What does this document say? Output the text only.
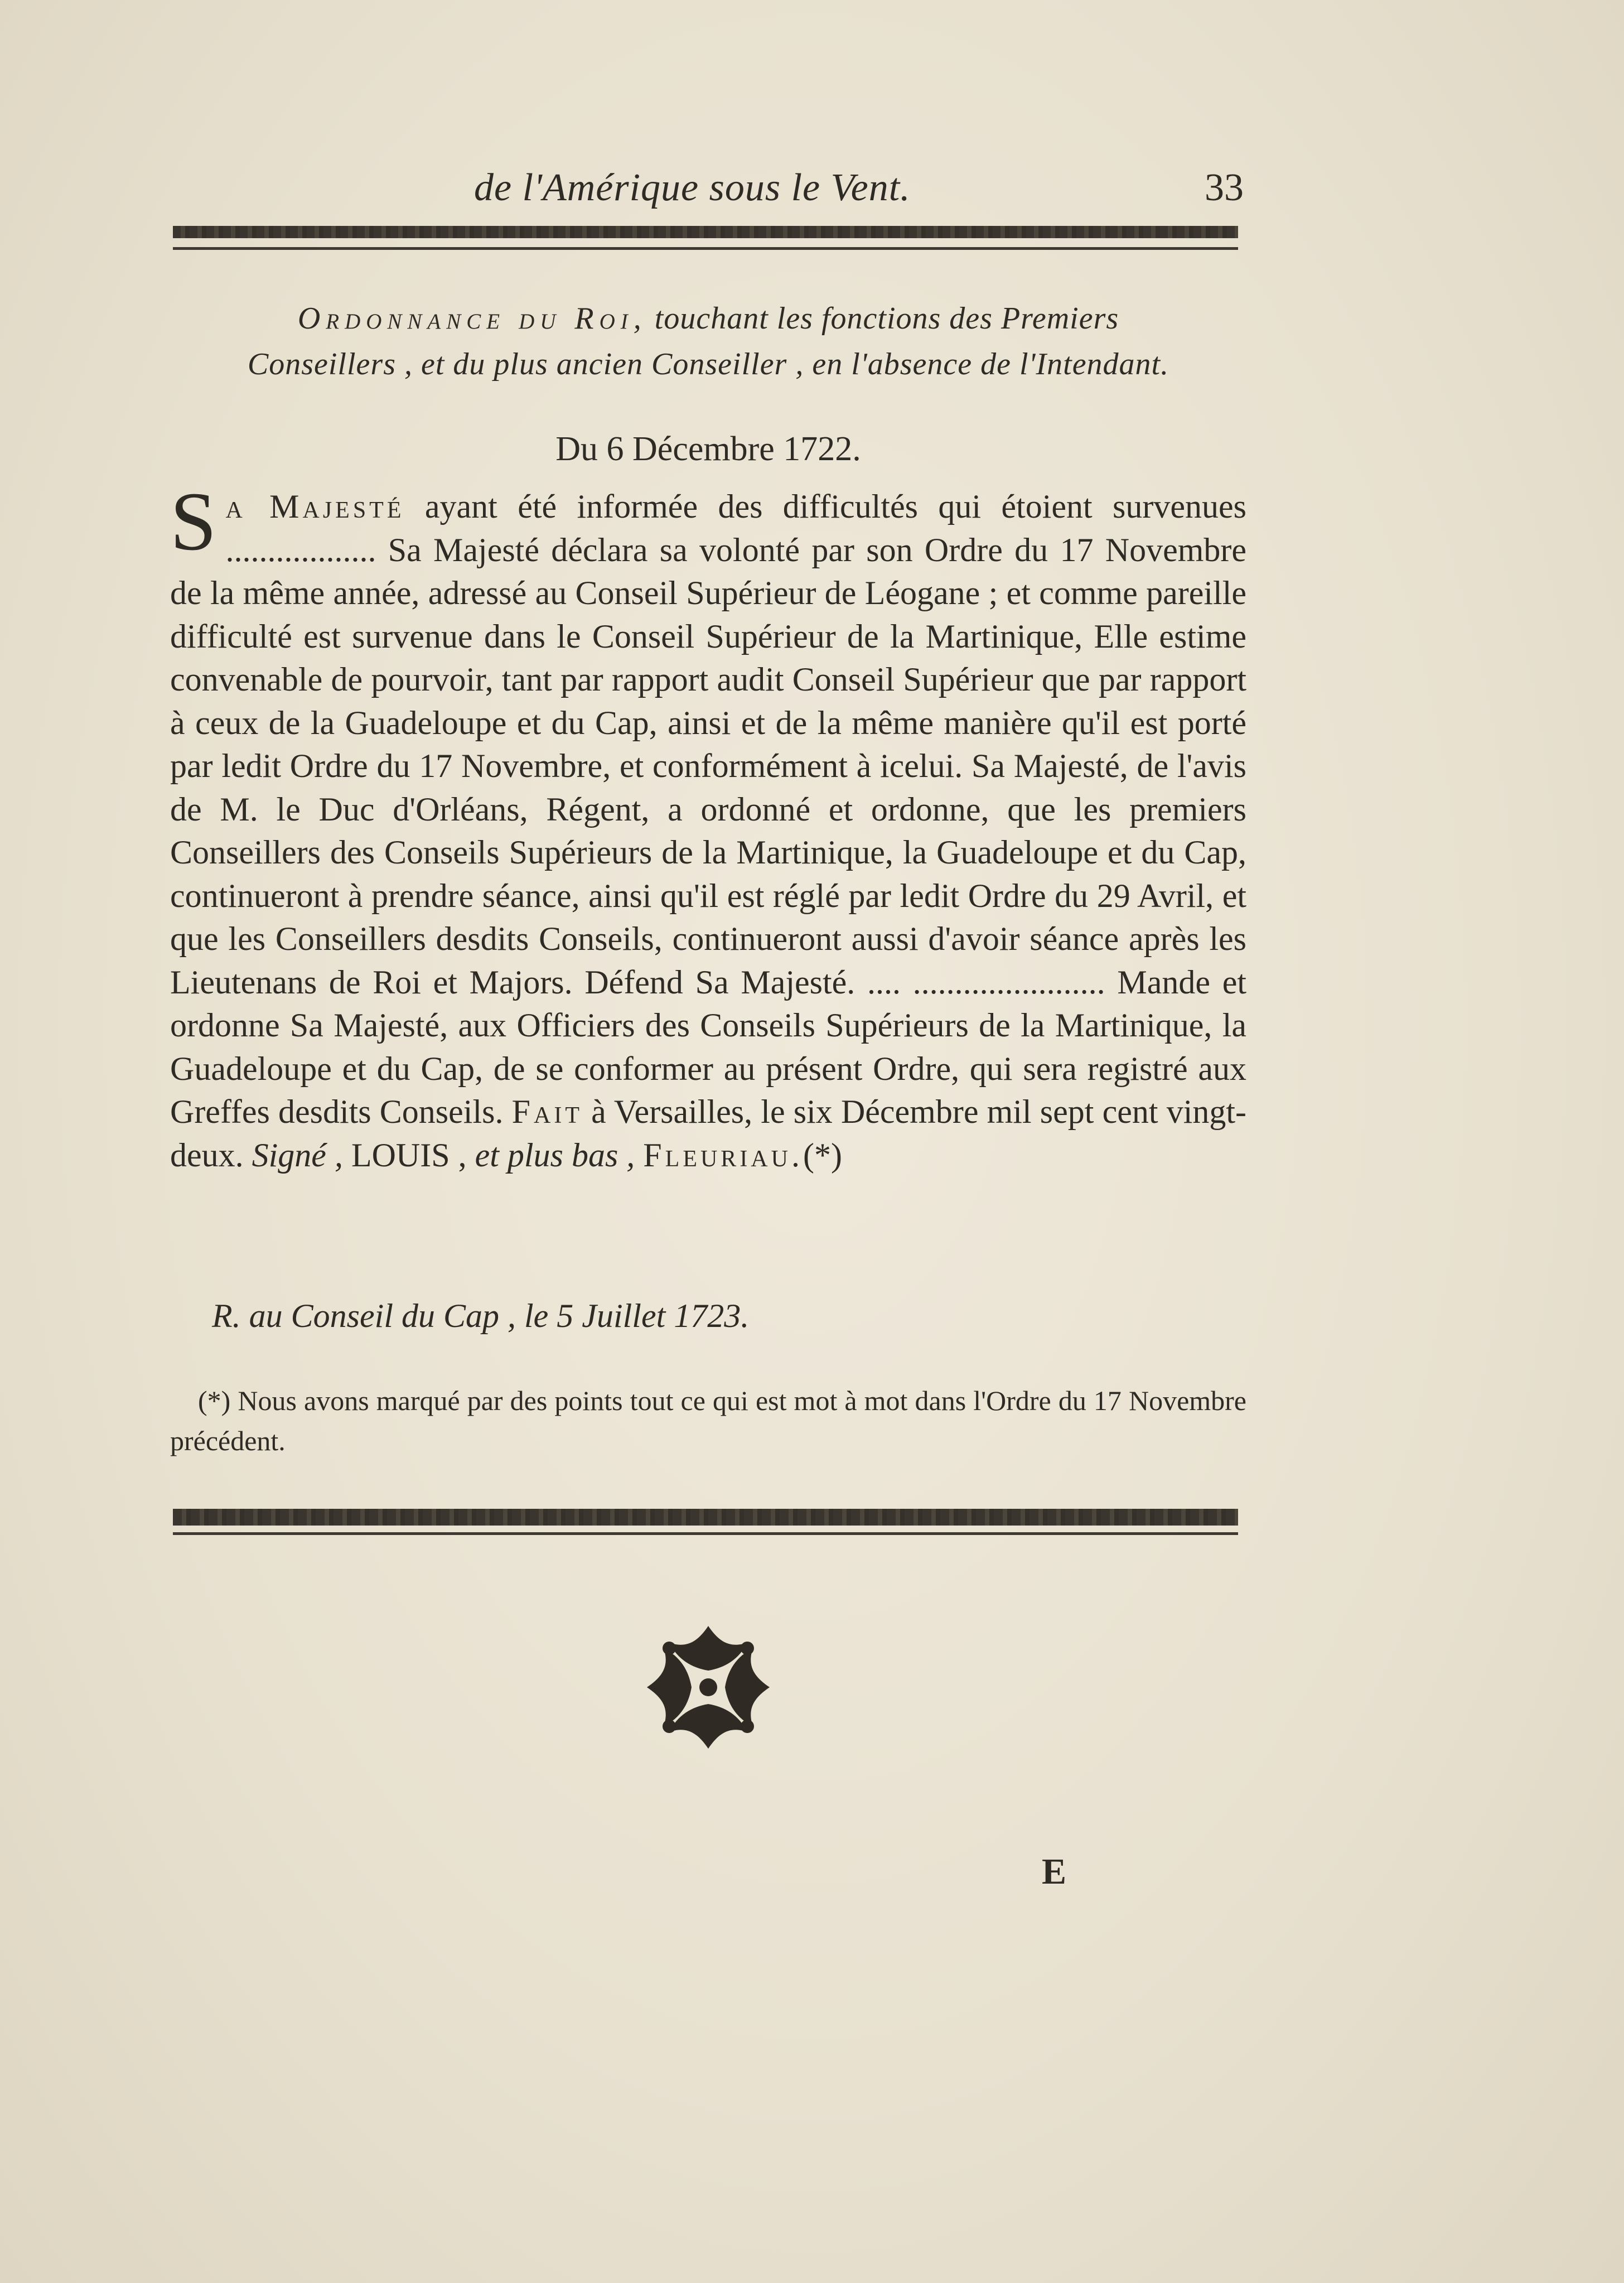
de l'Amérique sous le Vent.	33
Ordonnance du Roi, touchant les fonctions des Premiers
Conseillers , et du plus ancien Conseiller , en l'absence de l'Intendant.
Du 6 Décembre 1722.

S a Majesté ayant été informée des difficultés qui étoient survenues .................. Sa Majesté déclara sa volonté par son Ordre du 17 Novembre de la même année, adressé au Conseil Supérieur de Léogane ; et comme pareille difficulté est survenue dans le Conseil Supérieur de la Martinique, Elle estime convenable de pourvoir, tant par rapport audit Conseil Supérieur que par rapport à ceux de la Guadeloupe et du Cap, ainsi et de la même manière qu'il est porté par ledit Ordre du 17 Novembre, et conformément à icelui. Sa Majesté, de l'avis de M. le Duc d'Orléans, Régent, a ordonné et ordonne, que les premiers Conseillers des Conseils Supérieurs de la Martinique, la Guadeloupe et du Cap, continueront à prendre séance, ainsi qu'il est réglé par ledit Ordre du 29 Avril, et que les Conseillers desdits Conseils, continueront aussi d'avoir séance après les Lieutenans de Roi et Majors. Défend Sa Majesté. .... ....................... Mande et ordonne Sa Majesté, aux Officiers des Conseils Supérieurs de la Martinique, la Guadeloupe et du Cap, de se conformer au présent Ordre, qui sera registré aux Greffes desdits Conseils. Fait à Versailles, le six Décembre mil sept cent vingt-deux. Signé , LOUIS , et plus bas , Fleuriau.(*)

R. au Conseil du Cap , le 5 Juillet 1723.
(*) Nous avons marqué par des points tout ce qui est mot à mot dans l'Ordre du 17 Novembre précédent.
E
